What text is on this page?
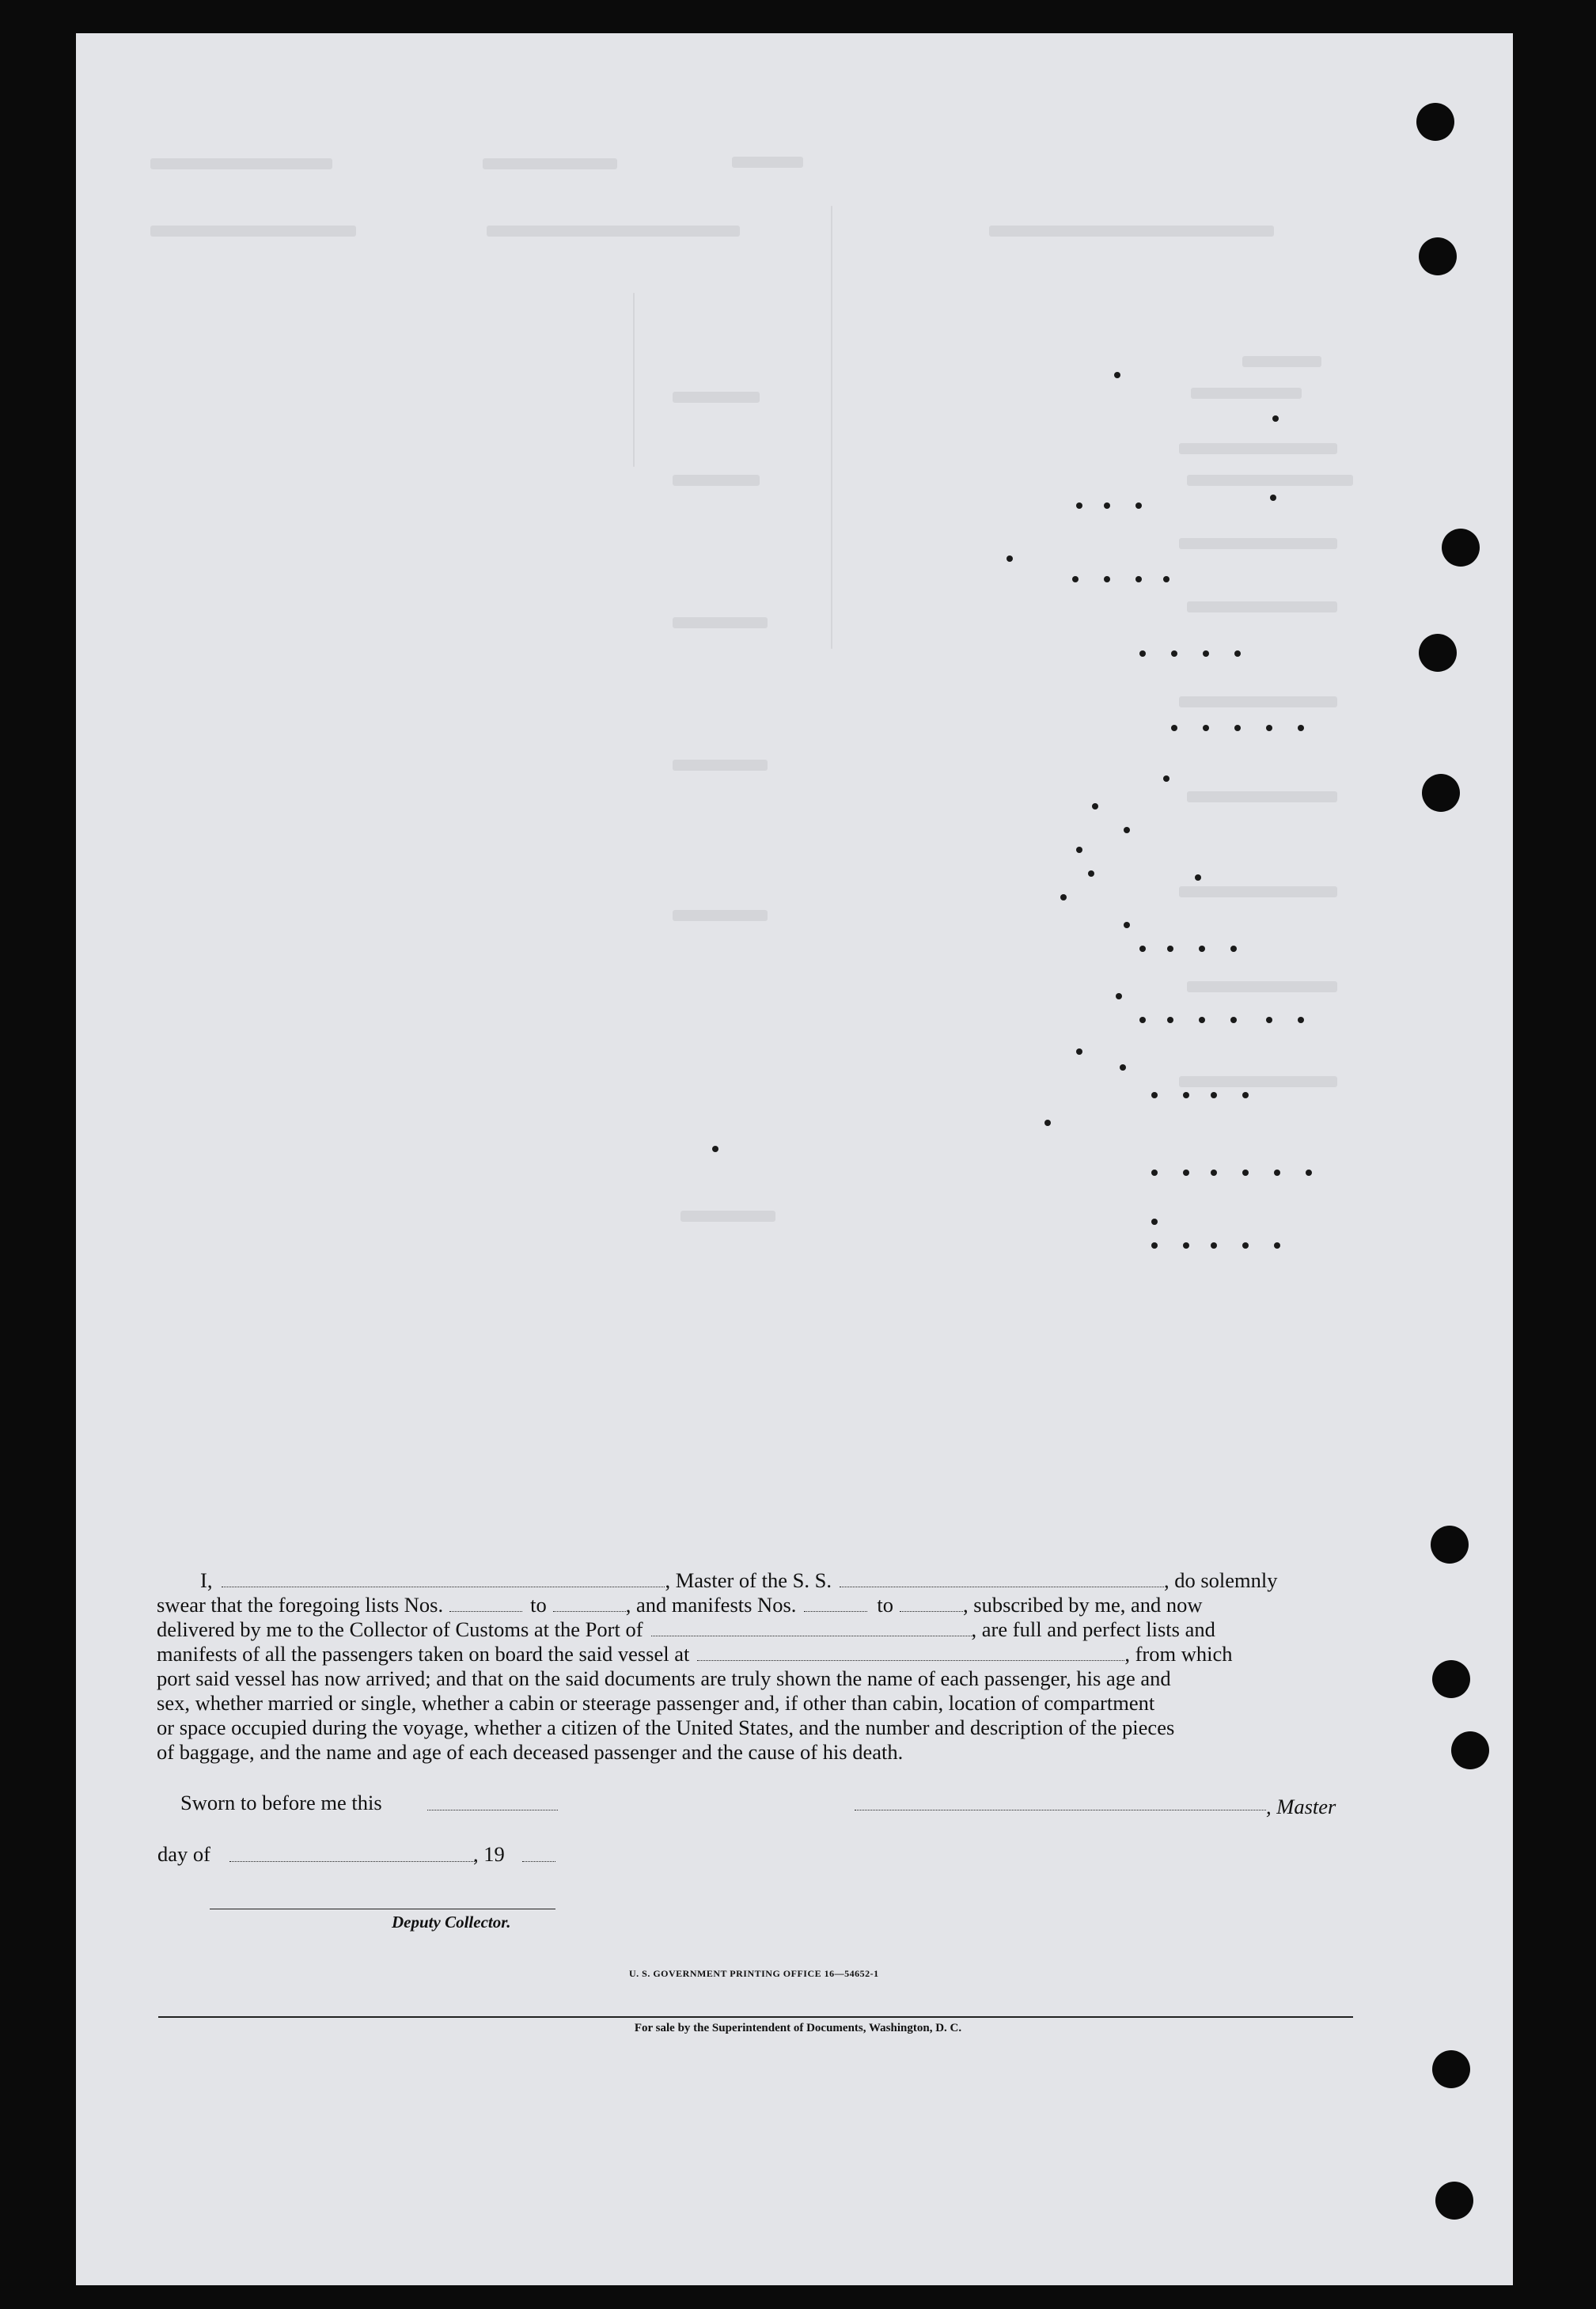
I,	, Master of the S. S.	, do solemnly
swear that the foregoing lists Nos.	to	, and manifests Nos.	to	, subscribed by me, and now
delivered by me to the Collector of Customs at the Port of	, are full and perfect lists and
manifests of all the passengers taken on board the said vessel at	, from which
port said vessel has now arrived; and that on the said documents are truly shown the name of each passenger, his age and
sex, whether married or single, whether a cabin or steerage passenger and, if other than cabin, location of compartment
or space occupied during the voyage, whether a citizen of the United States, and the number and description of the pieces
of baggage, and the name and age of each deceased passenger and the cause of his death.
Sworn to before me this	, Master
day of	, 19
Deputy Collector.
U. S. GOVERNMENT PRINTING OFFICE 16—54652-1
For sale by the Superintendent of Documents, Washington, D. C.
